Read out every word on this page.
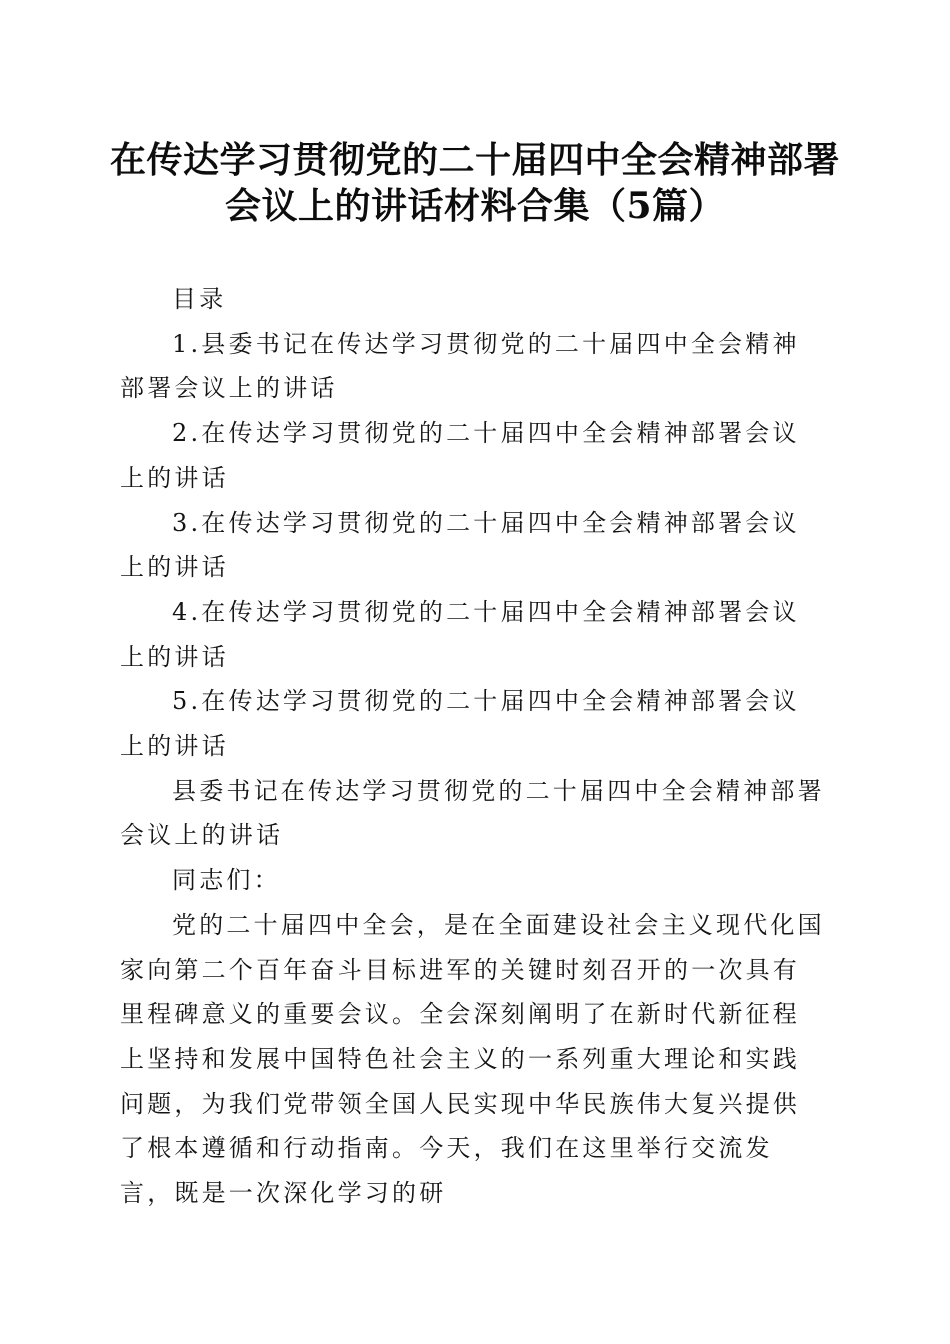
在传达学习贯彻党的二十届四中全会精神部署
会议上的讲话材料合集（5篇）

目录

1.县委书记在传达学习贯彻党的二十届四中全会精神部署会议上的讲话

2.在传达学习贯彻党的二十届四中全会精神部署会议上的讲话

3.在传达学习贯彻党的二十届四中全会精神部署会议上的讲话

4.在传达学习贯彻党的二十届四中全会精神部署会议上的讲话

5.在传达学习贯彻党的二十届四中全会精神部署会议上的讲话

县委书记在传达学习贯彻党的二十届四中全会精神部署会议上的讲话

同志们：

党的二十届四中全会，是在全面建设社会主义现代化国家向第二个百年奋斗目标进军的关键时刻召开的一次具有里程碑意义的重要会议。全会深刻阐明了在新时代新征程上坚持和发展中国特色社会主义的一系列重大理论和实践问题，为我们党带领全国人民实现中华民族伟大复兴提供了根本遵循和行动指南。今天，我们在这里举行交流发言，既是一次深化学习的研
